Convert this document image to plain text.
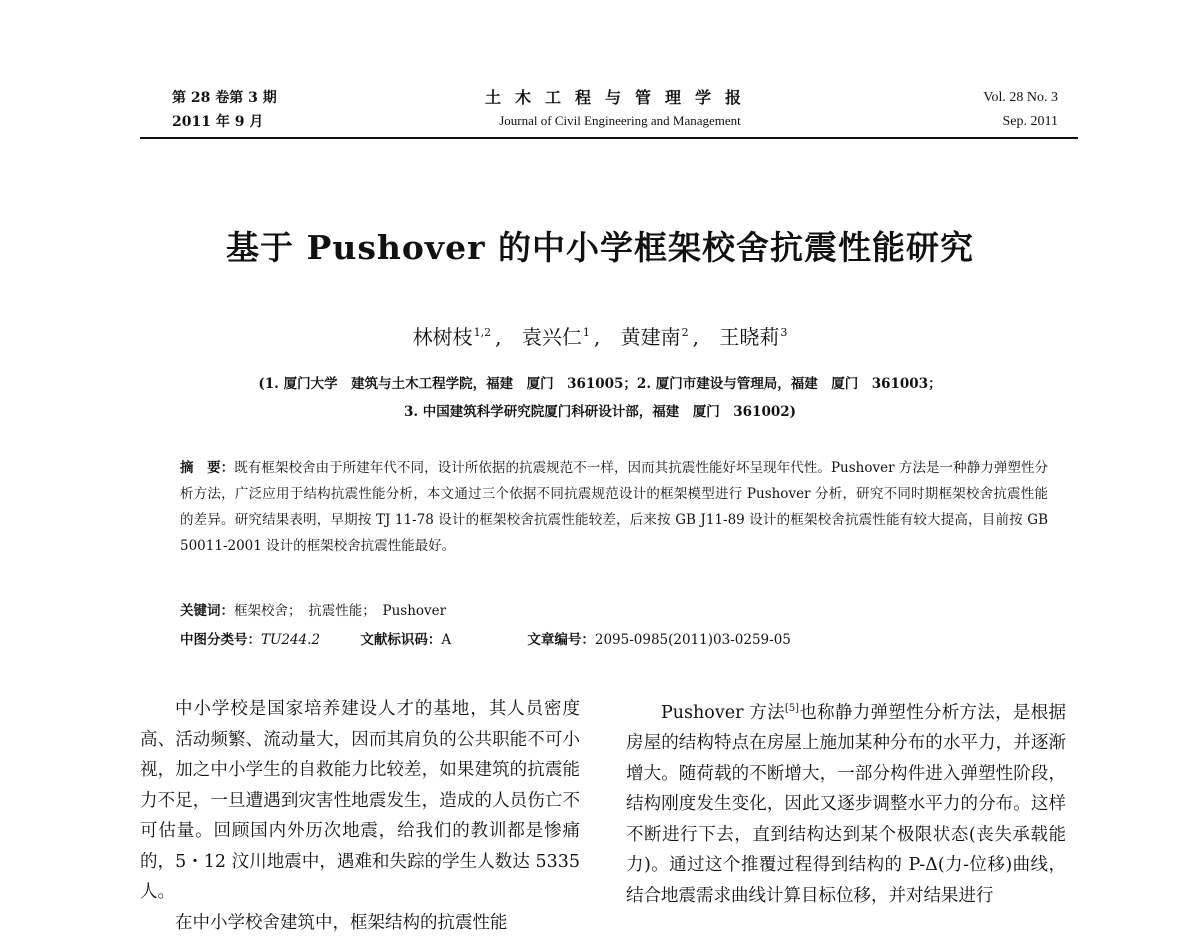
第 28 卷第 3 期
2011 年 9 月
土木工程与管理学报
Journal of Civil Engineering and Management
Vol. 28 No. 3
Sep. 2011
基于 Pushover 的中小学框架校舍抗震性能研究
林树枝$^{1,2}$ , 袁兴仁$^1$ , 黄建南$^2$ , 王晓莉$^3$
(1. 厦门大学　建筑与土木工程学院，福建　厦门　361005；2. 厦门市建设与管理局，福建　厦门　361003；
3. 中国建筑科学研究院厦门科研设计部，福建　厦门　361002)
摘　要：既有框架校舍由于所建年代不同，设计所依据的抗震规范不一样，因而其抗震性能好坏呈现年代性。Pushover 方法是一种静力弹塑性分析方法，广泛应用于结构抗震性能分析，本文通过三个依据不同抗震规范设计的框架模型进行 Pushover 分析，研究不同时期框架校舍抗震性能的差异。研究结果表明，早期按 TJ 11-78 设计的框架校舍抗震性能较差，后来按 GB J11-89 设计的框架校舍抗震性能有较大提高，目前按 GB 50011-2001 设计的框架校舍抗震性能最好。
关键词：框架校舍；　抗震性能；　Pushover
中图分类号：TU244.2	文献标识码：A	文章编号：2095-0985(2011)03-0259-05

中小学校是国家培养建设人才的基地，其人员密度高、活动频繁、流动量大，因而其肩负的公共职能不可小视，加之中小学生的自救能力比较差，如果建筑的抗震能力不足，一旦遭遇到灾害性地震发生，造成的人员伤亡不可估量。回顾国内外历次地震，给我们的教训都是惨痛的，5・12 汶川地震中，遇难和失踪的学生人数达 5335 人。

在中小学校舍建筑中，框架结构的抗震性能

Pushover 方法[5]也称静力弹塑性分析方法，是根据房屋的结构特点在房屋上施加某种分布的水平力，并逐渐增大。随荷载的不断增大，一部分构件进入弹塑性阶段，结构刚度发生变化，因此又逐步调整水平力的分布。这样不断进行下去，直到结构达到某个极限状态(丧失承载能力)。通过这个推覆过程得到结构的 P-Δ(力-位移)曲线，结合地震需求曲线计算目标位移，并对结果进行
